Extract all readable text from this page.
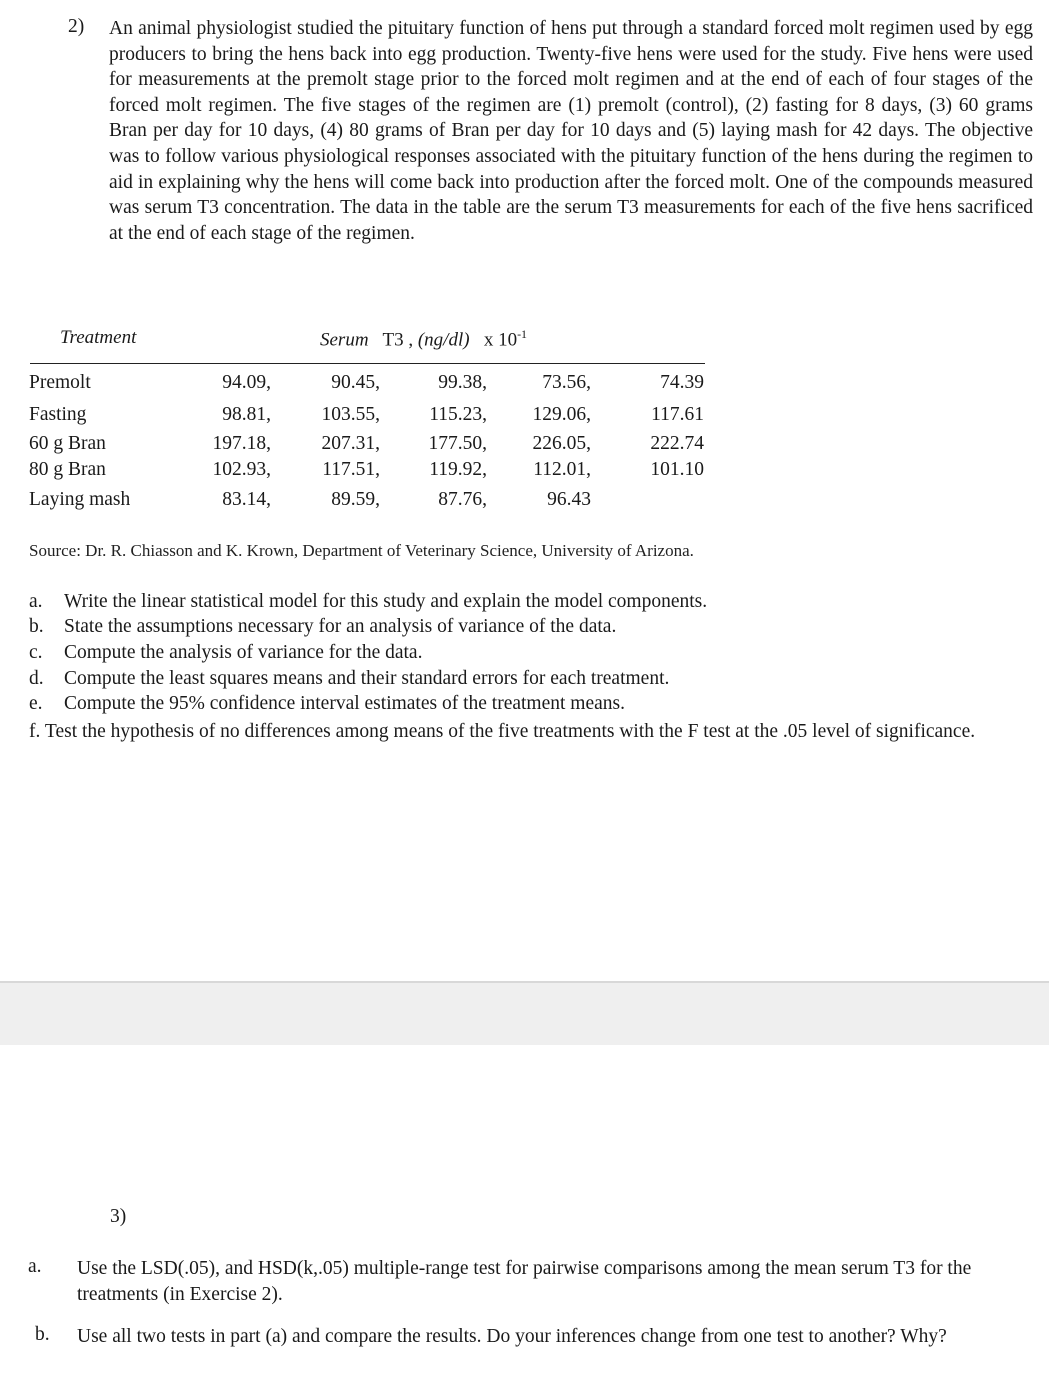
2) An animal physiologist studied the pituitary function of hens put through a standard forced molt regimen used by egg producers to bring the hens back into egg production. Twenty-five hens were used for the study. Five hens were used for measurements at the premolt stage prior to the forced molt regimen and at the end of each of four stages of the forced molt regimen. The five stages of the regimen are (1) premolt (control), (2) fasting for 8 days, (3) 60 grams Bran per day for 10 days, (4) 80 grams of Bran per day for 10 days and (5) laying mash for 42 days. The objective was to follow various physiological responses associated with the pituitary function of the hens during the regimen to aid in explaining why the hens will come back into production after the forced molt. One of the compounds measured was serum T3 concentration. The data in the table are the serum T3 measurements for each of the five hens sacrificed at the end of each stage of the regimen.
Treatment	Serum T3 , (ng/dl) x $10^{-1}$
Premolt	94.09,	90.45,	99.38,	73.56,	74.39
Fasting	98.81,	103.55,	115.23, 129.06,	117.61
60 g Bran	197.18,	207.31, 177.50, 226.05,	222.74
80 g Bran	102.93,	117.51,	119.92, 112.01,	101.10
Laying mash	83.14,	89.59,	87.76,	96.43
Source: Dr. R. Chiasson and K. Krown, Department of Veterinary Science, University of Arizona.
a. Write the linear statistical model for this study and explain the model components.
b. State the assumptions necessary for an analysis of variance of the data.
c. Compute the analysis of variance for the data.
d. Compute the least squares means and their standard errors for each treatment.
e. Compute the 95% confidence interval estimates of the treatment means.
f. Test the hypothesis of no differences among means of the five treatments with the F test at the .05 level of significance.
3)
a. Use the LSD(.05), and HSD(k,.05) multiple-range test for pairwise comparisons among the mean serum T3 for the treatments (in Exercise 2).
b. Use all two tests in part (a) and compare the results. Do your inferences change from one test to another? Why?
